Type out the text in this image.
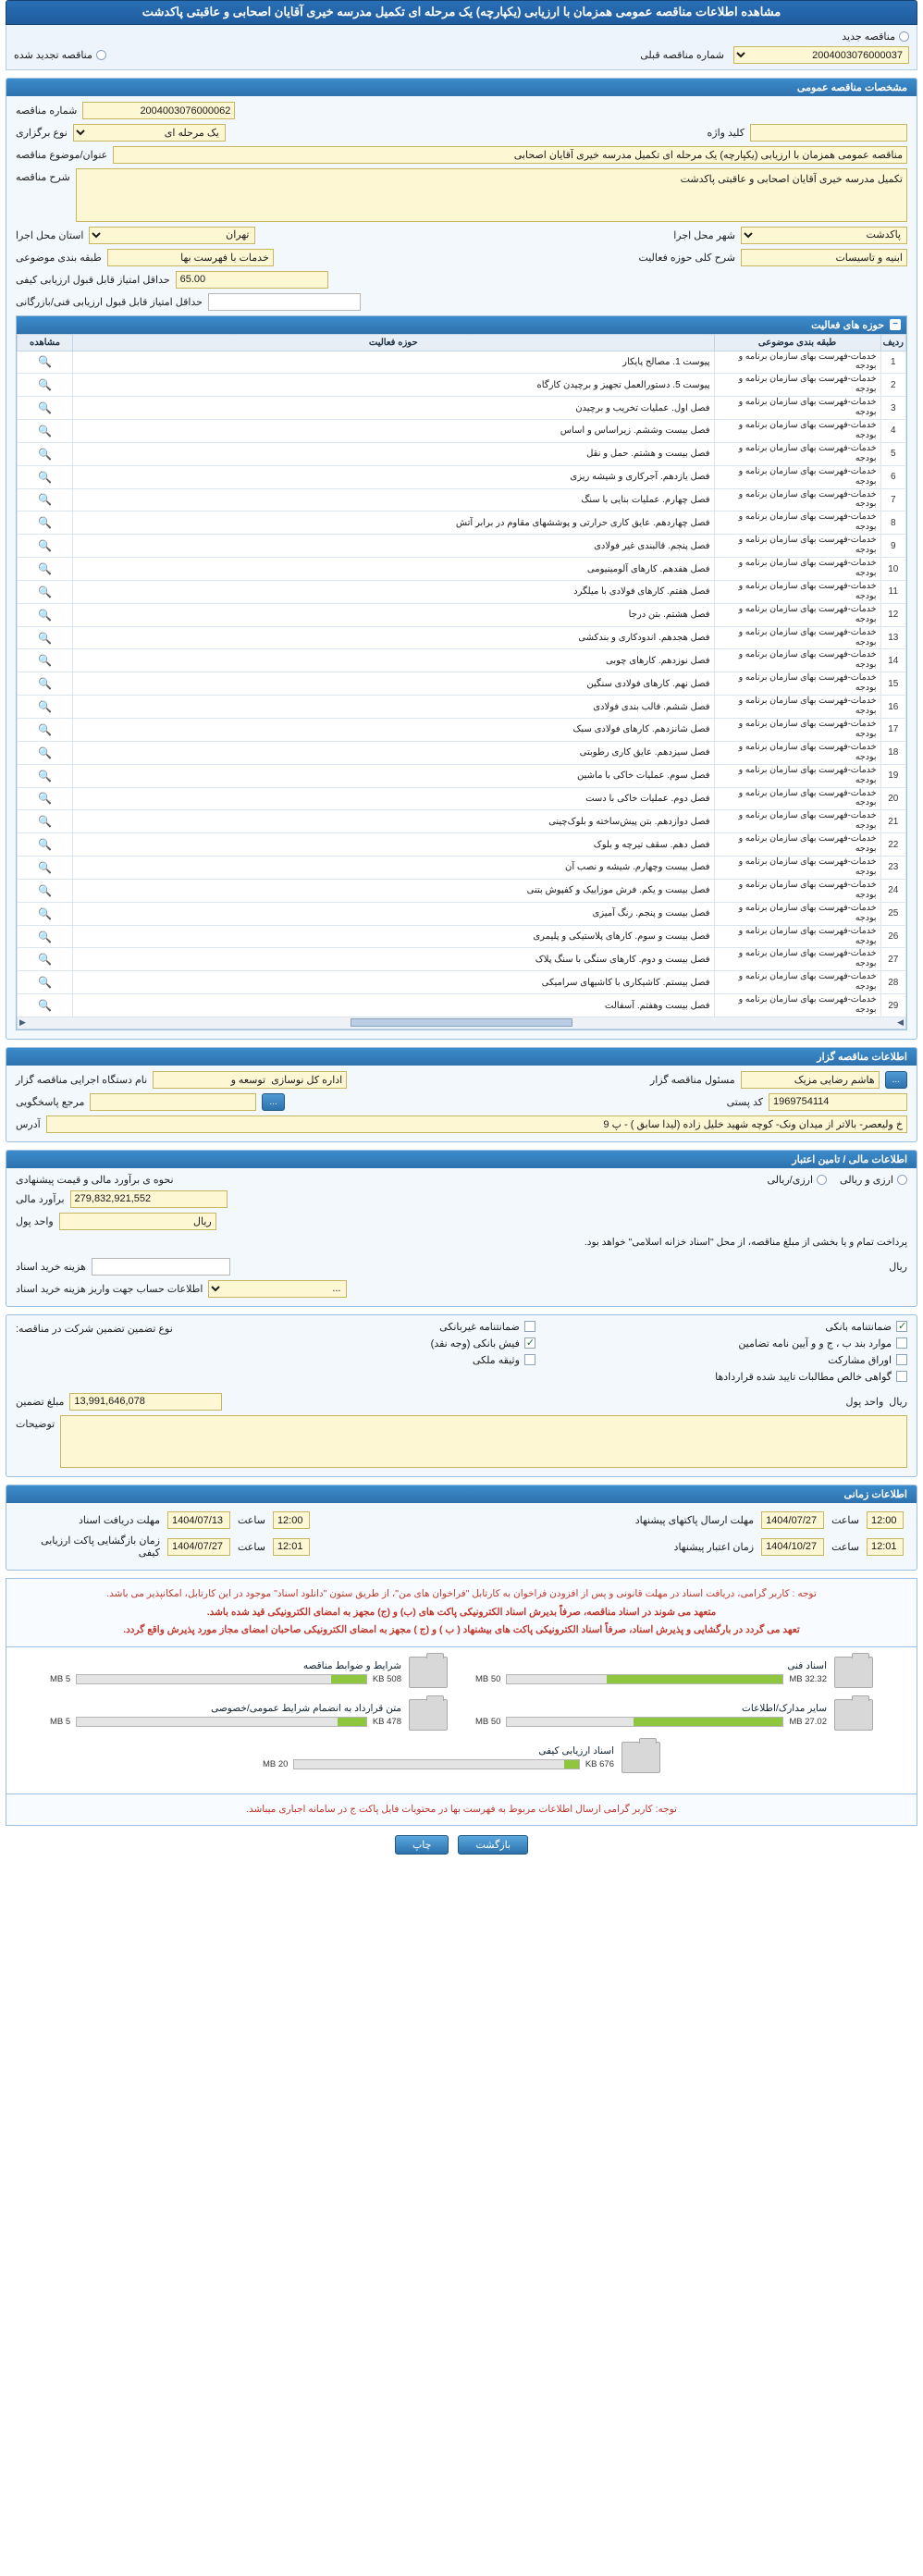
مشاهده اطلاعات مناقصه عمومی همزمان با ارزیابی (یکپارچه) یک مرحله ای تکمیل مدرسه خیری آقایان اصحابی و عاقبتی پاکدشت
مناقصه جدید
2004003076000037
شماره مناقصه قبلی
مناقصه تجدید شده
مشخصات مناقصه عمومی
2004003076000062
شماره مناقصه
کلید واژه
یک مرحله ای
نوع برگزاری
مناقصه عمومی همزمان با ارزیابی (یکپارچه) یک مرحله ای تکمیل مدرسه خیری آقایان اصحابی
عنوان/موضوع مناقصه
تکمیل مدرسه خیری آقایان اصحابی و عاقبتی پاکدشت
شرح مناقصه
پاکدشت
شهر محل اجرا
تهران
استان محل اجرا
ابنیه و تاسیسات
شرح کلی حوزه فعالیت
خدمات با فهرست بها
طبقه بندی موضوعی
65.00
حداقل امتیاز قابل قبول ارزیابی کیفی
حداقل امتیاز قابل قبول ارزیابی فنی/بازرگانی
−
حوزه های فعالیت
ردیف	طبقه بندی موضوعی	حوزه فعالیت	مشاهده
1	خدمات-فهرست بهای سازمان برنامه و بودجه	پیوست 1. مصالح پایکار	🔍
2	خدمات-فهرست بهای سازمان برنامه و بودجه	پیوست 5. دستورالعمل تجهیز و برچیدن کارگاه	🔍
3	خدمات-فهرست بهای سازمان برنامه و بودجه	فصل اول. عملیات تخریب و برچیدن	🔍
4	خدمات-فهرست بهای سازمان برنامه و بودجه	فصل بیست وششم. زیراساس و اساس	🔍
5	خدمات-فهرست بهای سازمان برنامه و بودجه	فصل بیست و هشتم. حمل و نقل	🔍
6	خدمات-فهرست بهای سازمان برنامه و بودجه	فصل یازدهم. آجرکاری و شیشه ریزی	🔍
7	خدمات-فهرست بهای سازمان برنامه و بودجه	فصل چهارم. عملیات بنایی با سنگ	🔍
8	خدمات-فهرست بهای سازمان برنامه و بودجه	فصل چهاردهم. عایق کاری حرارتی و پوششهای مقاوم در برابر آتش	🔍
9	خدمات-فهرست بهای سازمان برنامه و بودجه	فصل پنجم. قالبندی غیر فولادی	🔍
10	خدمات-فهرست بهای سازمان برنامه و بودجه	فصل هفدهم. کارهای آلومینیومی	🔍
11	خدمات-فهرست بهای سازمان برنامه و بودجه	فصل هفتم. کارهای فولادی با میلگرد	🔍
12	خدمات-فهرست بهای سازمان برنامه و بودجه	فصل هشتم. بتن درجا	🔍
13	خدمات-فهرست بهای سازمان برنامه و بودجه	فصل هجدهم. اندودکاری و بندکشی	🔍
14	خدمات-فهرست بهای سازمان برنامه و بودجه	فصل نوزدهم. کارهای چوبی	🔍
15	خدمات-فهرست بهای سازمان برنامه و بودجه	فصل نهم. کارهای فولادی سنگین	🔍
16	خدمات-فهرست بهای سازمان برنامه و بودجه	فصل ششم. قالب بندی فولادی	🔍
17	خدمات-فهرست بهای سازمان برنامه و بودجه	فصل شانزدهم. کارهای فولادی سبک	🔍
18	خدمات-فهرست بهای سازمان برنامه و بودجه	فصل سیزدهم. عایق کاری رطوبتی	🔍
19	خدمات-فهرست بهای سازمان برنامه و بودجه	فصل سوم. عملیات خاکی با ماشین	🔍
20	خدمات-فهرست بهای سازمان برنامه و بودجه	فصل دوم. عملیات خاکی با دست	🔍
21	خدمات-فهرست بهای سازمان برنامه و بودجه	فصل دوازدهم. بتن پیش‌ساخته و بلوک‌چینی	🔍
22	خدمات-فهرست بهای سازمان برنامه و بودجه	فصل دهم. سقف تیرچه و بلوک	🔍
23	خدمات-فهرست بهای سازمان برنامه و بودجه	فصل بیست وچهارم. شیشه و نصب آن	🔍
24	خدمات-فهرست بهای سازمان برنامه و بودجه	فصل بیست و یکم. فرش موزاییک و کفپوش بتنی	🔍
25	خدمات-فهرست بهای سازمان برنامه و بودجه	فصل بیست و پنجم. رنگ آمیزی	🔍
26	خدمات-فهرست بهای سازمان برنامه و بودجه	فصل بیست و سوم. کارهای پلاستیکی و پلیمری	🔍
27	خدمات-فهرست بهای سازمان برنامه و بودجه	فصل بیست و دوم. کارهای سنگی با سنگ پلاک	🔍
28	خدمات-فهرست بهای سازمان برنامه و بودجه	فصل بیستم. کاشیکاری با کاشیهای سرامیکی	🔍
29	خدمات-فهرست بهای سازمان برنامه و بودجه	فصل بیست وهفتم. آسفالت	🔍
◀
▶
اطلاعات مناقصه گزار
...
هاشم رضایی مزیک
مسئول مناقصه گزار
اداره کل نوسازی توسعه و
نام دستگاه اجرایی مناقصه گزار
1969754114
کد پستی
...
مرجع پاسخگویی
خ ولیعصر- بالاتر از میدان ونک- کوچه شهید خلیل زاده (لیدا سابق ) - پ 9
آدرس
اطلاعات مالی / تامین اعتبار
ارزی و ریالی
ارزی/ریالی
نحوه ی برآورد مالی و قیمت پیشنهادی
279,832,921,552
برآورد مالی
ریال
واحد پول
پرداخت تمام و یا بخشی از مبلغ مناقصه، از محل "اسناد خزانه اسلامی" خواهد بود.
ریال
هزینه خرید اسناد
...
اطلاعات حساب جهت واریز هزینه خرید اسناد
✓
ضمانتنامه بانکی
ضمانتنامه غیربانکی
موارد بند ب ، ج و و آیین نامه تضامین
✓
فیش بانکی (وجه نقد)
اوراق مشارکت
وثیقه ملکی
گواهی خالص مطالبات تایید شده قراردادها
نوع تضمین تضمین شرکت در مناقصه:
ریال
واحد پول
13,991,646,078
مبلغ تضمین
توضیحات
اطلاعات زمانی
12:00	ساعت	1404/07/27	مهلت ارسال پاکتهای پیشنهاد	12:00	ساعت	1404/07/13	مهلت دریافت اسناد
12:01	ساعت	1404/10/27	زمان اعتبار پیشنهاد	12:01	ساعت	1404/07/27	زمان بازگشایی پاکت ارزیابی کیفی
توجه : کاربر گرامی، دریافت اسناد در مهلت قانونی و پس از افزودن فراخوان به کارتابل "فراخوان های من"، از طریق ستون "دانلود اسناد" موجود در این کارتابل، امکانپذیر می باشد.
متعهد می شوند در اسناد مناقصه، صرفاً بدیرش اسناد الکترونیکی پاکت های (ب) و (ج) مجهز به امضای الکترونیکی قید شده باشد.
تعهد می گردد در بارگشایی و پذیرش اسناد، صرفاً اسناد الکترونیکی پاکت های بیشنهاد ( ب ) و (ج ) مجهز به امضای الکترونیکی صاحبان امضای مجاز مورد پذیرش واقع گردد.
اسناد فنی
32.32 MB
50 MB
شرایط و ضوابط مناقصه
508 KB
5 MB
سایر مدارک/اطلاعات
27.02 MB
50 MB
متن قرارداد به انضمام شرایط عمومی/خصوصی
478 KB
5 MB
اسناد ارزیابی کیفی
676 KB
20 MB
توجه: کاربر گرامی ارسال اطلاعات مربوط به فهرست بها در محتویات فایل پاکت ج در سامانه اجباری میباشد.
بازگشت
چاپ
